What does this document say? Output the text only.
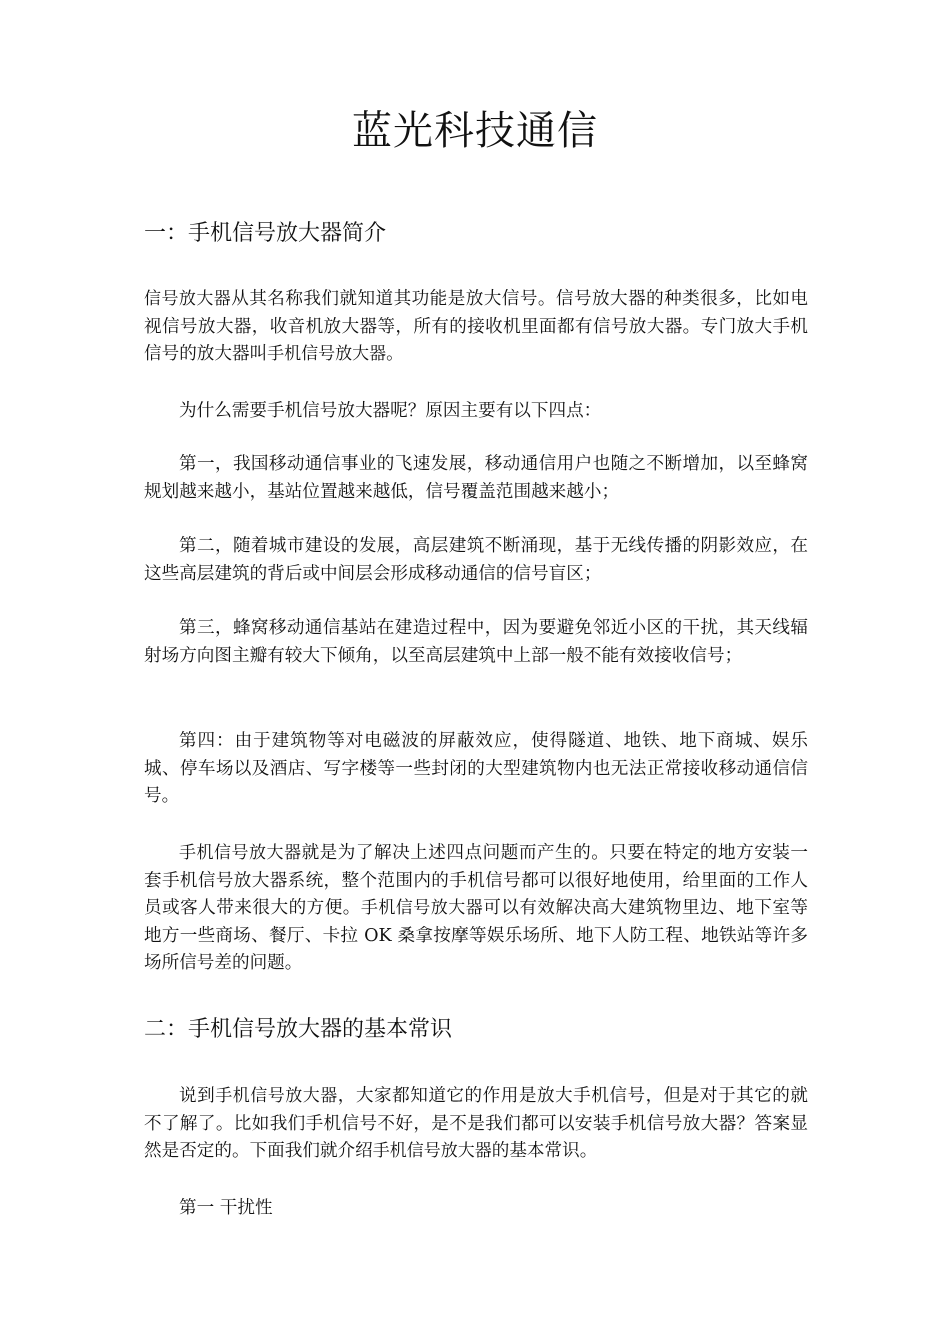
蓝光科技通信
一：手机信号放大器简介

信号放大器从其名称我们就知道其功能是放大信号。信号放大器的种类很多，比如电视信号放大器，收音机放大器等，所有的接收机里面都有信号放大器。专门放大手机信号的放大器叫手机信号放大器。

为什么需要手机信号放大器呢？原因主要有以下四点：

第一，我国移动通信事业的飞速发展，移动通信用户也随之不断增加，以至蜂窝规划越来越小，基站位置越来越低，信号覆盖范围越来越小；

第二，随着城市建设的发展，高层建筑不断涌现，基于无线传播的阴影效应，在这些高层建筑的背后或中间层会形成移动通信的信号盲区；

第三，蜂窝移动通信基站在建造过程中，因为要避免邻近小区的干扰，其天线辐射场方向图主瓣有较大下倾角，以至高层建筑中上部一般不能有效接收信号；

第四：由于建筑物等对电磁波的屏蔽效应，使得隧道、地铁、地下商城、娱乐城、停车场以及酒店、写字楼等一些封闭的大型建筑物内也无法正常接收移动通信信号。

手机信号放大器就是为了解决上述四点问题而产生的。只要在特定的地方安装一套手机信号放大器系统，整个范围内的手机信号都可以很好地使用，给里面的工作人员或客人带来很大的方便。手机信号放大器可以有效解决高大建筑物里边、地下室等地方一些商场、餐厅、卡拉 OK 桑拿按摩等娱乐场所、地下人防工程、地铁站等许多场所信号差的问题。

二：手机信号放大器的基本常识

说到手机信号放大器，大家都知道它的作用是放大手机信号，但是对于其它的就不了解了。比如我们手机信号不好，是不是我们都可以安装手机信号放大器？答案显然是否定的。下面我们就介绍手机信号放大器的基本常识。

第一 干扰性
